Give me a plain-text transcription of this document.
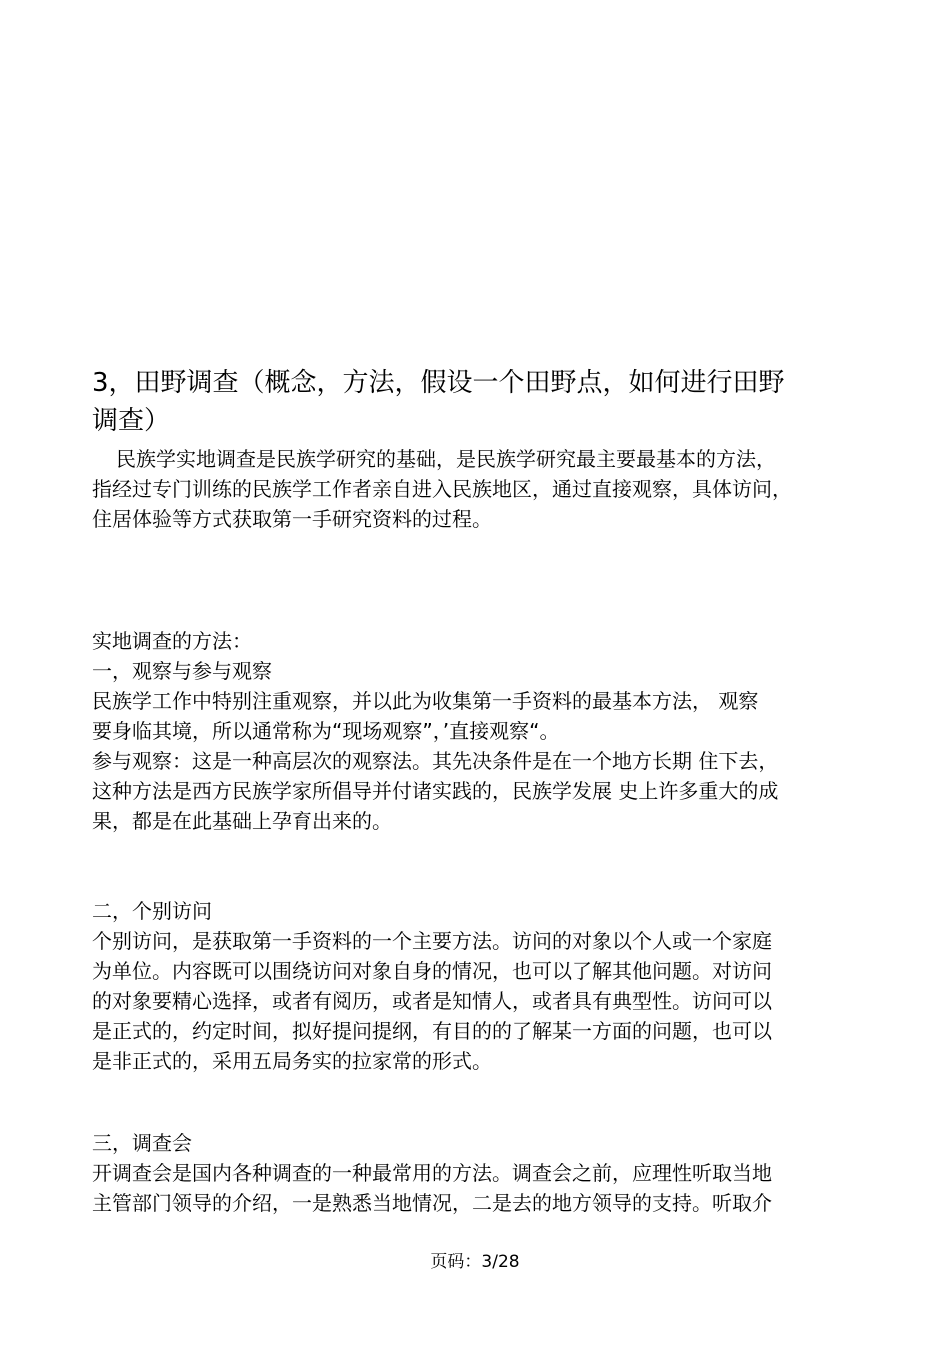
3，田野调查（概念，方法，假设一个田野点，如何进行田野

调查）

民族学实地调查是民族学研究的基础，是民族学研究最主要最基本的方法，

指经过专门训练的民族学工作者亲自进入民族地区，通过直接观察，具体访问，

住居体验等方式获取第一手研究资料的过程。

实地调查的方法：

一，观察与参与观察

民族学工作中特别注重观察，并以此为收集第一手资料的最基本方法， 观察

要身临其境，所以通常称为“现场观察”，’直接观察“。

参与观察：这是一种高层次的观察法。其先决条件是在一个地方长期 住下去，

这种方法是西方民族学家所倡导并付诸实践的，民族学发展 史上许多重大的成

果，都是在此基础上孕育出来的。

二，个别访问

个别访问，是获取第一手资料的一个主要方法。访问的对象以个人或一个家庭

为单位。内容既可以围绕访问对象自身的情况，也可以了解其他问题。对访问

的对象要精心选择，或者有阅历，或者是知情人，或者具有典型性。访问可以

是正式的，约定时间，拟好提问提纲，有目的的了解某一方面的问题，也可以

是非正式的，采用五局务实的拉家常的形式。

三，调查会

开调查会是国内各种调查的一种最常用的方法。调查会之前，应理性听取当地

主管部门领导的介绍，一是熟悉当地情况，二是去的地方领导的支持。听取介

页码：3/28
